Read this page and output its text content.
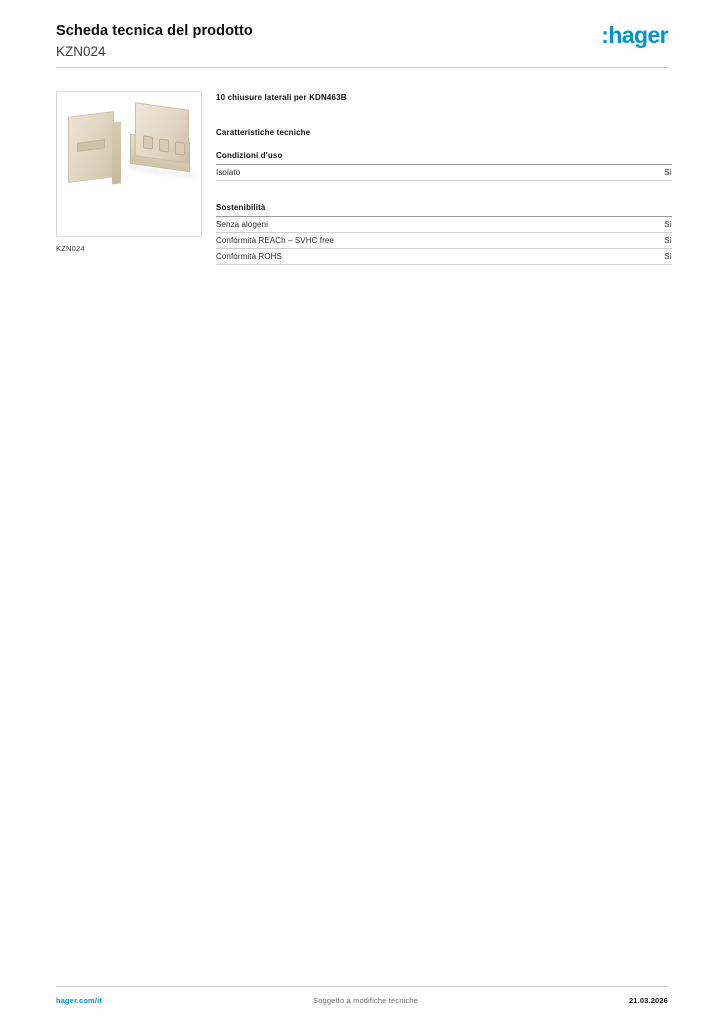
Scheda tecnica del prodotto
KZN024
:hager
KZN024
10 chiusure laterali per KDN463B
Caratteristiche tecniche
Condizioni d'uso
Isolato	Sì
Sostenibilità
Senza alogeni	Sì
Conformità REACh – SVHC free	Sì
Conformità ROHS	Sì
hager.com/it	Soggetto a modifiche tecniche	21.03.2026
